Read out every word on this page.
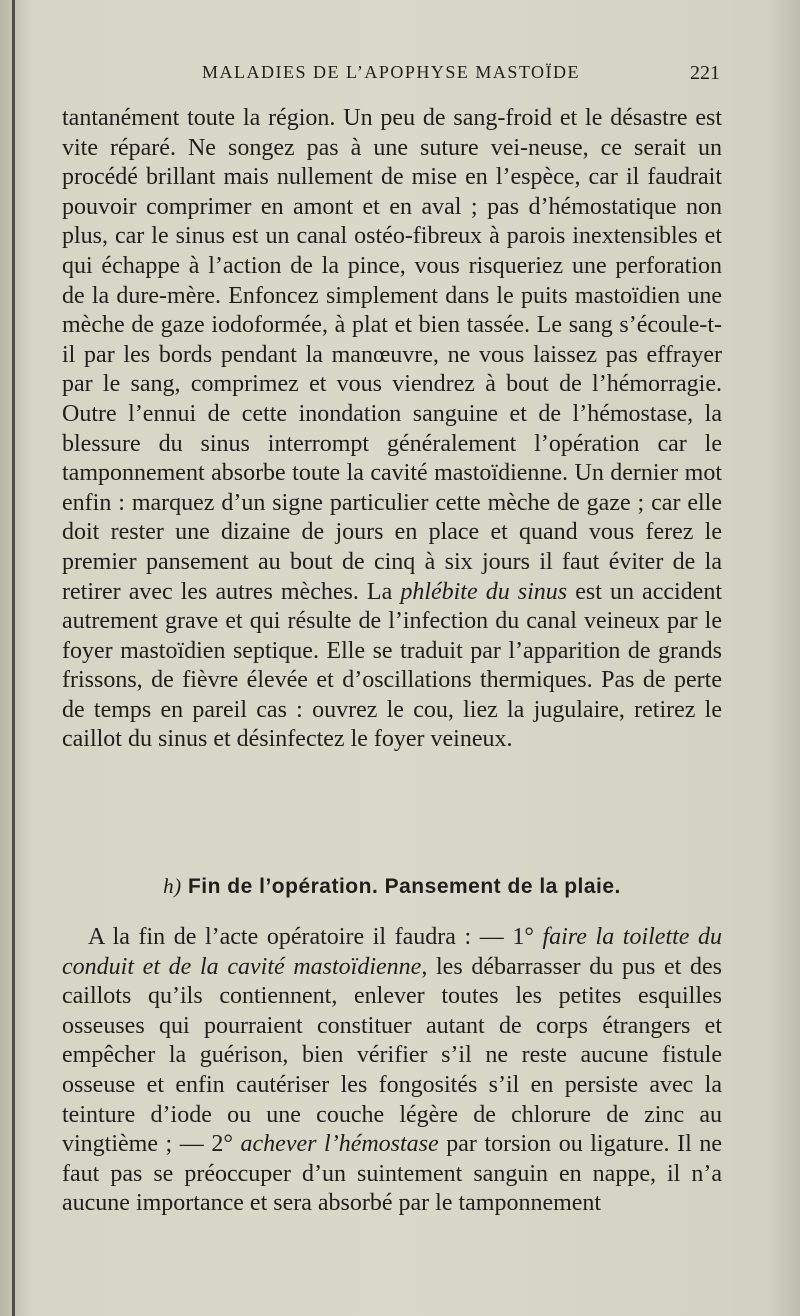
MALADIES DE L’APOPHYSE MASTOÏDE	221

tantanément toute la région. Un peu de sang-froid et le désastre est vite réparé. Ne songez pas à une suture vei-neuse, ce serait un procédé brillant mais nullement de mise en l’espèce, car il faudrait pouvoir comprimer en amont et en aval ; pas d’hémostatique non plus, car le sinus est un canal ostéo-fibreux à parois inextensibles et qui échappe à l’action de la pince, vous risqueriez une perforation de la dure-mère. Enfoncez simplement dans le puits mastoïdien une mèche de gaze iodoformée, à plat et bien tassée. Le sang s’écoule-t-il par les bords pendant la manœuvre, ne vous laissez pas effrayer par le sang, comprimez et vous viendrez à bout de l’hémorragie. Outre l’ennui de cette inondation sanguine et de l’hémostase, la blessure du sinus interrompt généralement l’opération car le tamponnement absorbe toute la cavité mastoïdienne. Un dernier mot enfin : marquez d’un signe particulier cette mèche de gaze ; car elle doit rester une dizaine de jours en place et quand vous ferez le premier pansement au bout de cinq à six jours il faut éviter de la retirer avec les autres mèches. La phlébite du sinus est un accident autrement grave et qui résulte de l’infection du canal veineux par le foyer mastoïdien septique. Elle se traduit par l’apparition de grands frissons, de fièvre élevée et d’oscillations thermiques. Pas de perte de temps en pareil cas : ouvrez le cou, liez la jugulaire, retirez le caillot du sinus et désinfectez le foyer veineux.

h) Fin de l’opération. Pansement de la plaie.

A la fin de l’acte opératoire il faudra : — 1° faire la toilette du conduit et de la cavité mastoïdienne, les débarrasser du pus et des caillots qu’ils contiennent, enlever toutes les petites esquilles osseuses qui pourraient constituer autant de corps étrangers et empêcher la guérison, bien vérifier s’il ne reste aucune fistule osseuse et enfin cautériser les fongosités s’il en persiste avec la teinture d’iode ou une couche légère de chlorure de zinc au vingtième ; — 2° achever l’hémostase par torsion ou ligature. Il ne faut pas se préoccuper d’un suintement sanguin en nappe, il n’a aucune importance et sera absorbé par le tamponnement
